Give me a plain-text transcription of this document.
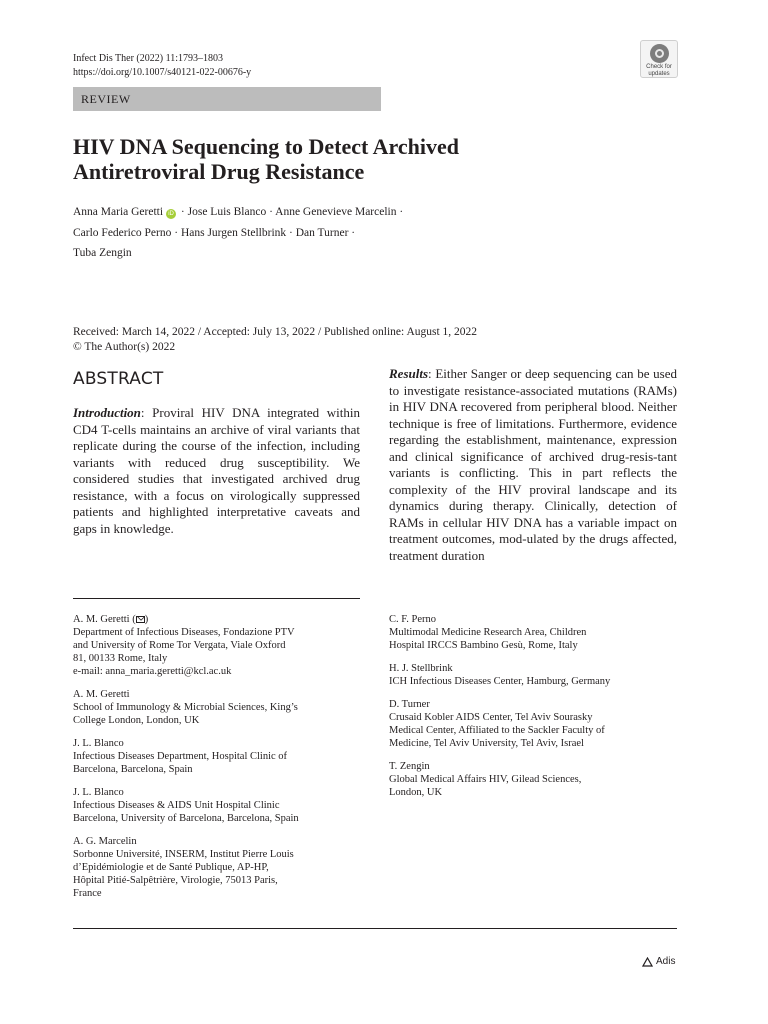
Infect Dis Ther (2022) 11:1793–1803
https://doi.org/10.1007/s40121-022-00676-y	Check for
updates
REVIEW
HIV DNA Sequencing to Detect Archived
Antiretroviral Drug Resistance
Anna Maria Geretti iD · Jose Luis Blanco · Anne Genevieve Marcelin ·
Carlo Federico Perno · Hans Jurgen Stellbrink · Dan Turner ·
Tuba Zengin
Received: March 14, 2022 / Accepted: July 13, 2022 / Published online: August 1, 2022
© The Author(s) 2022
ABSTRACT
Introduction: Proviral HIV DNA integrated within CD4 T-cells maintains an archive of viral variants that replicate during the course of the infection, including variants with reduced drug susceptibility. We considered studies that investigated archived drug resistance, with a focus on virologically suppressed patients and highlighted interpretative caveats and gaps in knowledge.
Results: Either Sanger or deep sequencing can be used to investigate resistance-associated mutations (RAMs) in HIV DNA recovered from peripheral blood. Neither technique is free of limitations. Furthermore, evidence regarding the establishment, maintenance, expression and clinical significance of archived drug-resis-tant variants is conflicting. This in part reflects the complexity of the HIV proviral landscape and its dynamics during therapy. Clinically, detection of RAMs in cellular HIV DNA has a variable impact on treatment outcomes, mod-ulated by the drugs affected, treatment duration
A. M. Geretti ( )
Department of Infectious Diseases, Fondazione PTV
and University of Rome Tor Vergata, Viale Oxford
81, 00133 Rome, Italy
e-mail: anna_maria.geretti@kcl.ac.uk
A. M. Geretti
School of Immunology & Microbial Sciences, King’s
College London, London, UK
J. L. Blanco
Infectious Diseases Department, Hospital Clinic of
Barcelona, Barcelona, Spain
J. L. Blanco
Infectious Diseases & AIDS Unit Hospital Clinic
Barcelona, University of Barcelona, Barcelona, Spain
A. G. Marcelin
Sorbonne Université, INSERM, Institut Pierre Louis
d’Epidémiologie et de Santé Publique, AP-HP,
Hôpital Pitié-Salpêtrière, Virologie, 75013 Paris,
France
C. F. Perno
Multimodal Medicine Research Area, Children
Hospital IRCCS Bambino Gesù, Rome, Italy
H. J. Stellbrink
ICH Infectious Diseases Center, Hamburg, Germany
D. Turner
Crusaid Kobler AIDS Center, Tel Aviv Sourasky
Medical Center, Affiliated to the Sackler Faculty of
Medicine, Tel Aviv University, Tel Aviv, Israel
T. Zengin
Global Medical Affairs HIV, Gilead Sciences,
London, UK
Adis
